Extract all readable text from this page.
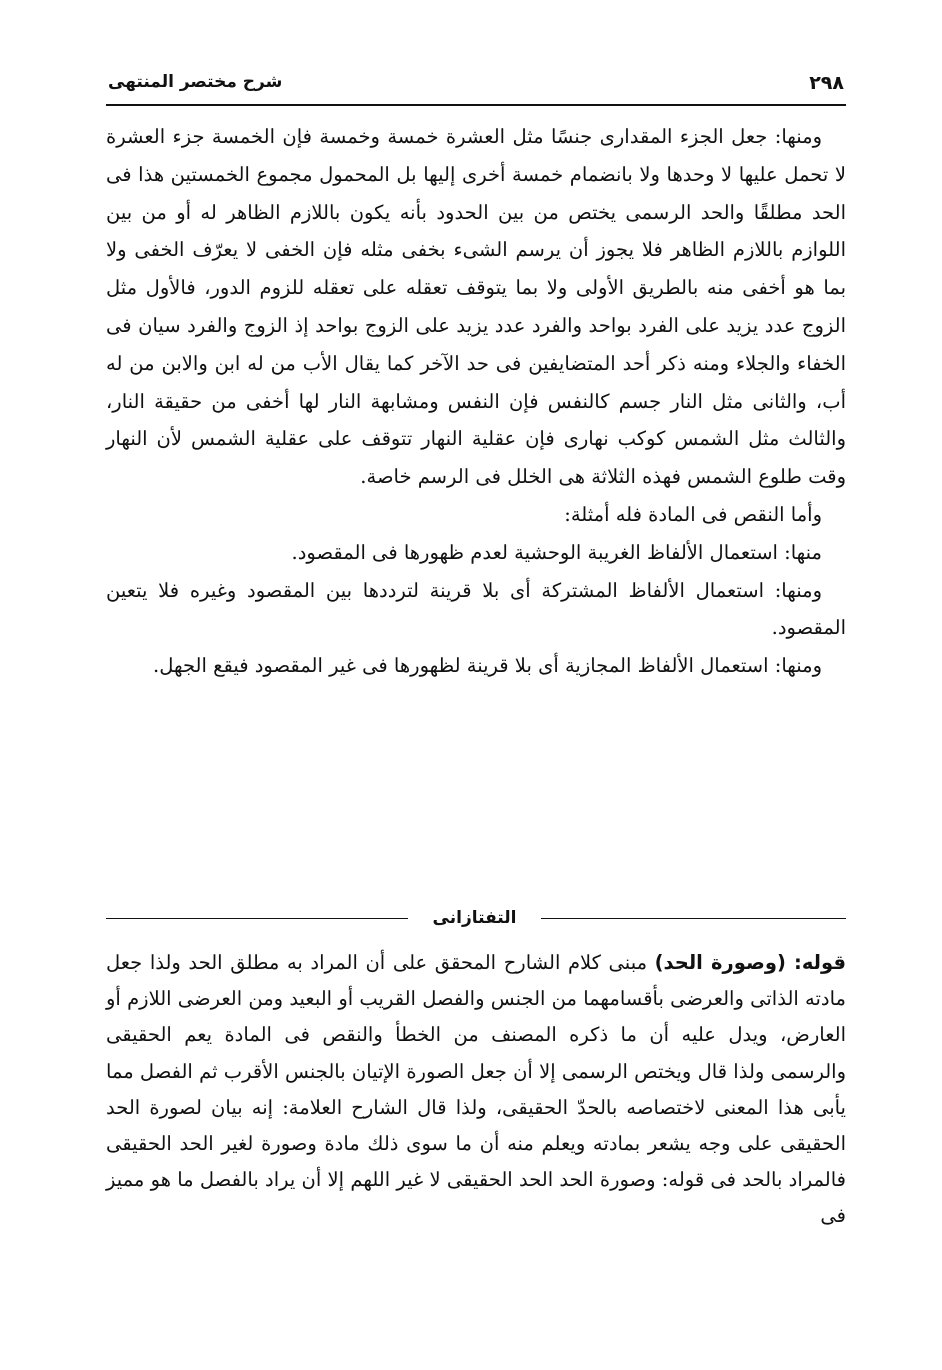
٢٩٨
شرح مختصر المنتهى

ومنها: جعل الجزء المقدارى جنسًا مثل العشرة خمسة وخمسة فإن الخمسة جزء العشرة لا تحمل عليها لا وحدها ولا بانضمام خمسة أخرى إليها بل المحمول مجموع الخمستين هذا فى الحد مطلقًا والحد الرسمى يختص من بين الحدود بأنه يكون باللازم الظاهر له أو من بين اللوازم باللازم الظاهر فلا يجوز أن يرسم الشىء بخفى مثله فإن الخفى لا يعرّف الخفى ولا بما هو أخفى منه بالطريق الأولى ولا بما يتوقف تعقله على تعقله للزوم الدور، فالأول مثل الزوج عدد يزيد على الفرد بواحد والفرد عدد يزيد على الزوج بواحد إذ الزوج والفرد سيان فى الخفاء والجلاء ومنه ذكر أحد المتضايفين فى حد الآخر كما يقال الأب من له ابن والابن من له أب، والثانى مثل النار جسم كالنفس فإن النفس ومشابهة النار لها أخفى من حقيقة النار، والثالث مثل الشمس كوكب نهارى فإن عقلية النهار تتوقف على عقلية الشمس لأن النهار وقت طلوع الشمس فهذه الثلاثة هى الخلل فى الرسم خاصة.

وأما النقص فى المادة فله أمثلة:

منها: استعمال الألفاظ الغريبة الوحشية لعدم ظهورها فى المقصود.

ومنها: استعمال الألفاظ المشتركة أى بلا قرينة لترددها بين المقصود وغيره فلا يتعين المقصود.

ومنها: استعمال الألفاظ المجازية أى بلا قرينة لظهورها فى غير المقصود فيقع الجهل.

التفتازانى

قوله: (وصورة الحد) مبنى كلام الشارح المحقق على أن المراد به مطلق الحد ولذا جعل مادته الذاتى والعرضى بأقسامهما من الجنس والفصل القريب أو البعيد ومن العرضى اللازم أو العارض، ويدل عليه أن ما ذكره المصنف من الخطأ والنقص فى المادة يعم الحقيقى والرسمى ولذا قال ويختص الرسمى إلا أن جعل الصورة الإتيان بالجنس الأقرب ثم الفصل مما يأبى هذا المعنى لاختصاصه بالحدّ الحقيقى، ولذا قال الشارح العلامة: إنه بيان لصورة الحد الحقيقى على وجه يشعر بمادته ويعلم منه أن ما سوى ذلك مادة وصورة لغير الحد الحقيقى فالمراد بالحد فى قوله: وصورة الحد الحد الحقيقى لا غير اللهم إلا أن يراد بالفصل ما هو مميز فى
